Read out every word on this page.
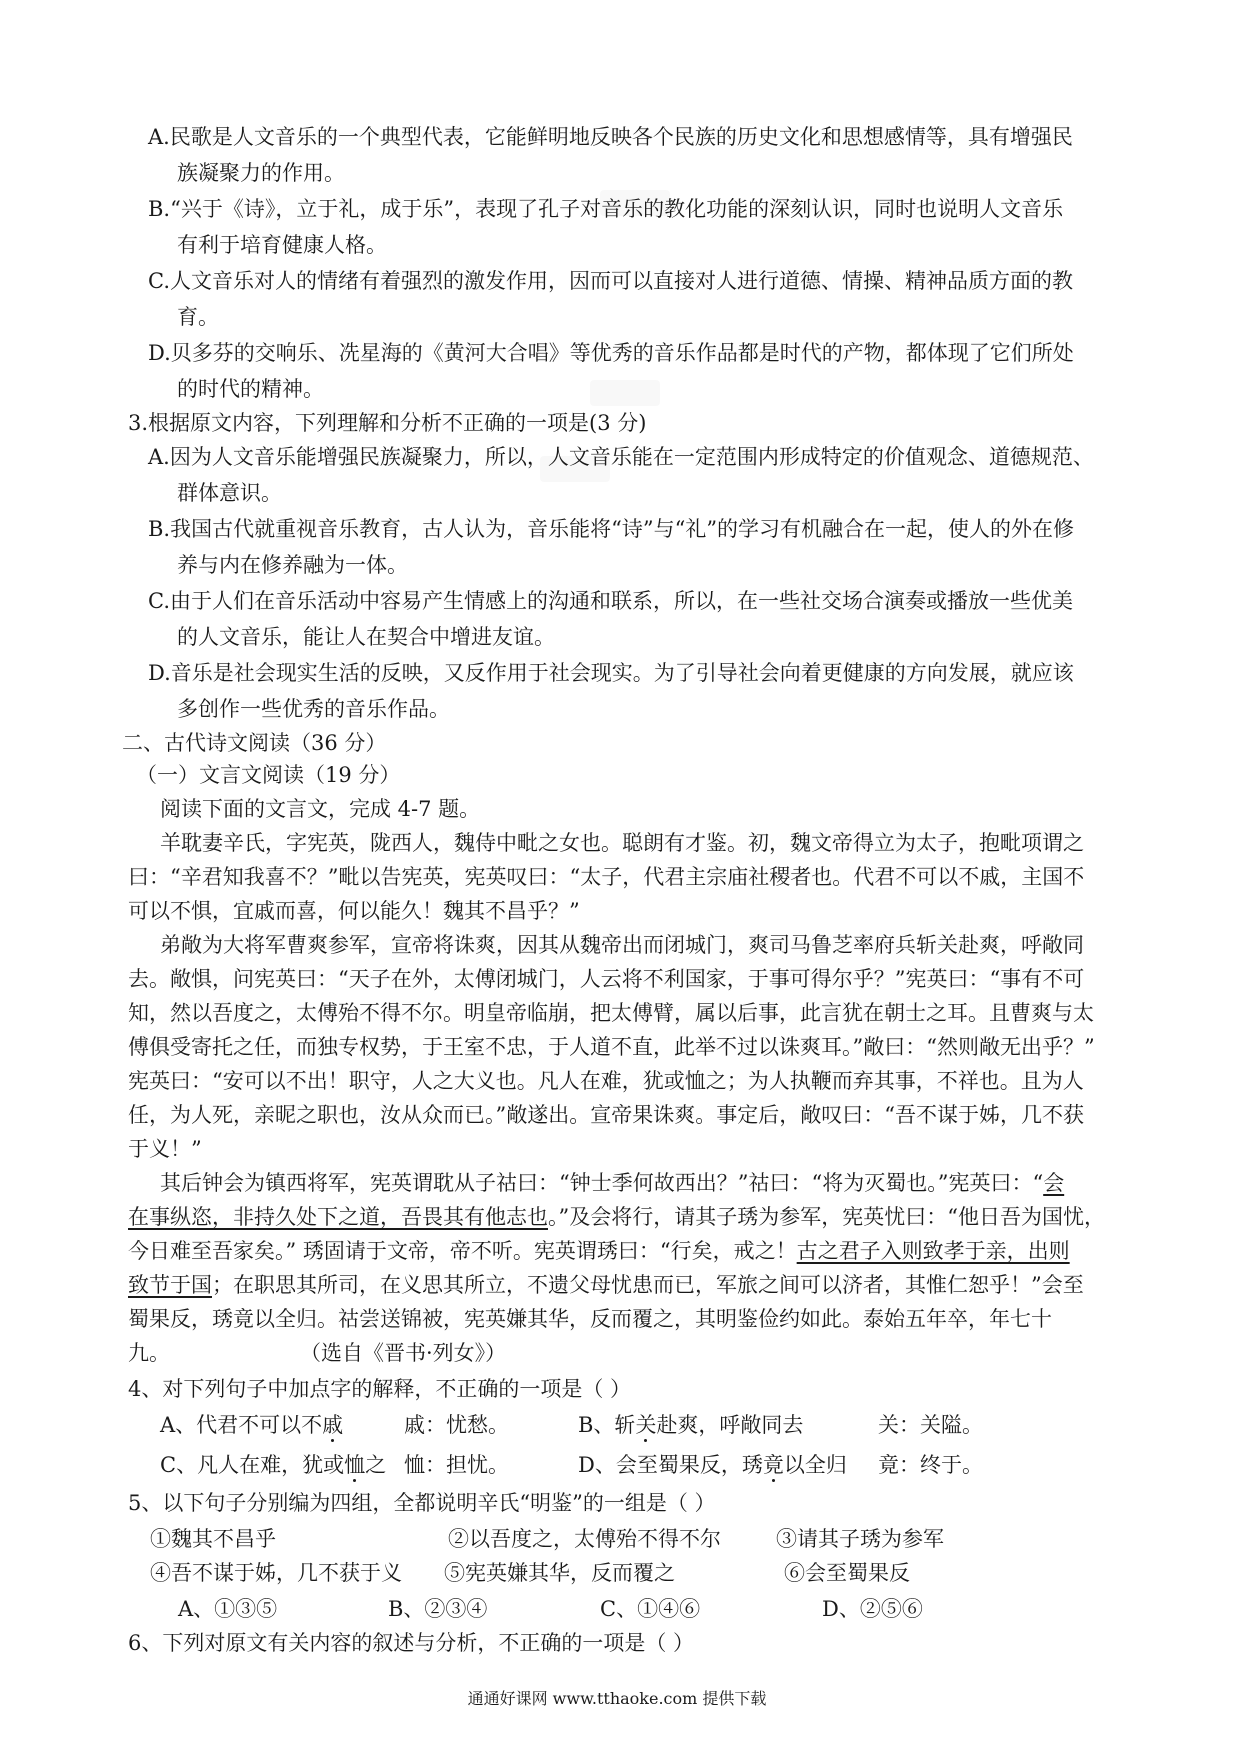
A.民歌是人文音乐的一个典型代表，它能鲜明地反映各个民族的历史文化和思想感情等，具有增强民
族凝聚力的作用。
B.“兴于《诗》，立于礼，成于乐”，表现了孔子对音乐的教化功能的深刻认识，同时也说明人文音乐
有利于培育健康人格。
C.人文音乐对人的情绪有着强烈的激发作用，因而可以直接对人进行道德、情操、精神品质方面的教
育。
D.贝多芬的交响乐、冼星海的《黄河大合唱》等优秀的音乐作品都是时代的产物，都体现了它们所处
的时代的精神。
3.根据原文内容，下列理解和分析不正确的一项是(3 分)
A.因为人文音乐能增强民族凝聚力，所以，人文音乐能在一定范围内形成特定的价值观念、道德规范、
群体意识。
B.我国古代就重视音乐教育，古人认为，音乐能将“诗”与“礼”的学习有机融合在一起，使人的外在修
养与内在修养融为一体。
C.由于人们在音乐活动中容易产生情感上的沟通和联系，所以，在一些社交场合演奏或播放一些优美
的人文音乐，能让人在契合中增进友谊。
D.音乐是社会现实生活的反映，又反作用于社会现实。为了引导社会向着更健康的方向发展，就应该
多创作一些优秀的音乐作品。
二、古代诗文阅读（36 分）
（一）文言文阅读（19 分）
阅读下面的文言文，完成 4-7 题。
羊耽妻辛氏，字宪英，陇西人，魏侍中毗之女也。聪朗有才鉴。初，魏文帝得立为太子，抱毗项谓之
曰：“辛君知我喜不？”毗以告宪英，宪英叹曰：“太子，代君主宗庙社稷者也。代君不可以不戚，主国不
可以不惧，宜戚而喜，何以能久！魏其不昌乎？”
弟敞为大将军曹爽参军，宣帝将诛爽，因其从魏帝出而闭城门，爽司马鲁芝率府兵斩关赴爽，呼敞同
去。敞惧，问宪英曰：“天子在外，太傅闭城门，人云将不利国家，于事可得尔乎？”宪英曰：“事有不可
知，然以吾度之，太傅殆不得不尔。明皇帝临崩，把太傅臂，属以后事，此言犹在朝士之耳。且曹爽与太
傅俱受寄托之任，而独专权势，于王室不忠，于人道不直，此举不过以诛爽耳。”敞曰：“然则敞无出乎？”
宪英曰：“安可以不出！职守，人之大义也。凡人在难，犹或恤之；为人执鞭而弃其事，不祥也。且为人
任，为人死，亲昵之职也，汝从众而已。”敞遂出。宣帝果诛爽。事定后，敞叹曰：“吾不谋于姊，几不获
于义！”
其后钟会为镇西将军，宪英谓耽从子祜曰：“钟士季何故西出？”祜曰：“将为灭蜀也。”宪英曰：“会
在事纵恣，非持久处下之道，吾畏其有他志也。”及会将行，请其子琇为参军，宪英忧曰：“他日吾为国忧，
今日难至吾家矣。” 琇固请于文帝，帝不听。宪英谓琇曰：“行矣，戒之！古之君子入则致孝于亲，出则
致节于国；在职思其所司，在义思其所立，不遗父母忧患而已，军旅之间可以济者，其惟仁恕乎！”会至
蜀果反，琇竟以全归。祜尝送锦被，宪英嫌其华，反而覆之，其明鉴俭约如此。泰始五年卒，年七十
九。	（选自《晋书·列女》）
4、对下列句子中加点字的解释，不正确的一项是（ ）
A、代君不可以不戚	戚：忧愁。	B、斩关赴爽，呼敞同去	关：关隘。
C、凡人在难，犹或恤之 恤：担忧。	D、会至蜀果反，琇竟以全归 竟：终于。
5、以下句子分别编为四组，全都说明辛氏“明鉴”的一组是（ ）
①魏其不昌乎	②以吾度之，太傅殆不得不尔	③请其子琇为参军
④吾不谋于姊，几不获于义 ⑤宪英嫌其华，反而覆之	⑥会至蜀果反
A、①③⑤	B、②③④	C、①④⑥	D、②⑤⑥
6、下列对原文有关内容的叙述与分析，不正确的一项是（ ）
通通好课网 www.tthaoke.com 提供下载
